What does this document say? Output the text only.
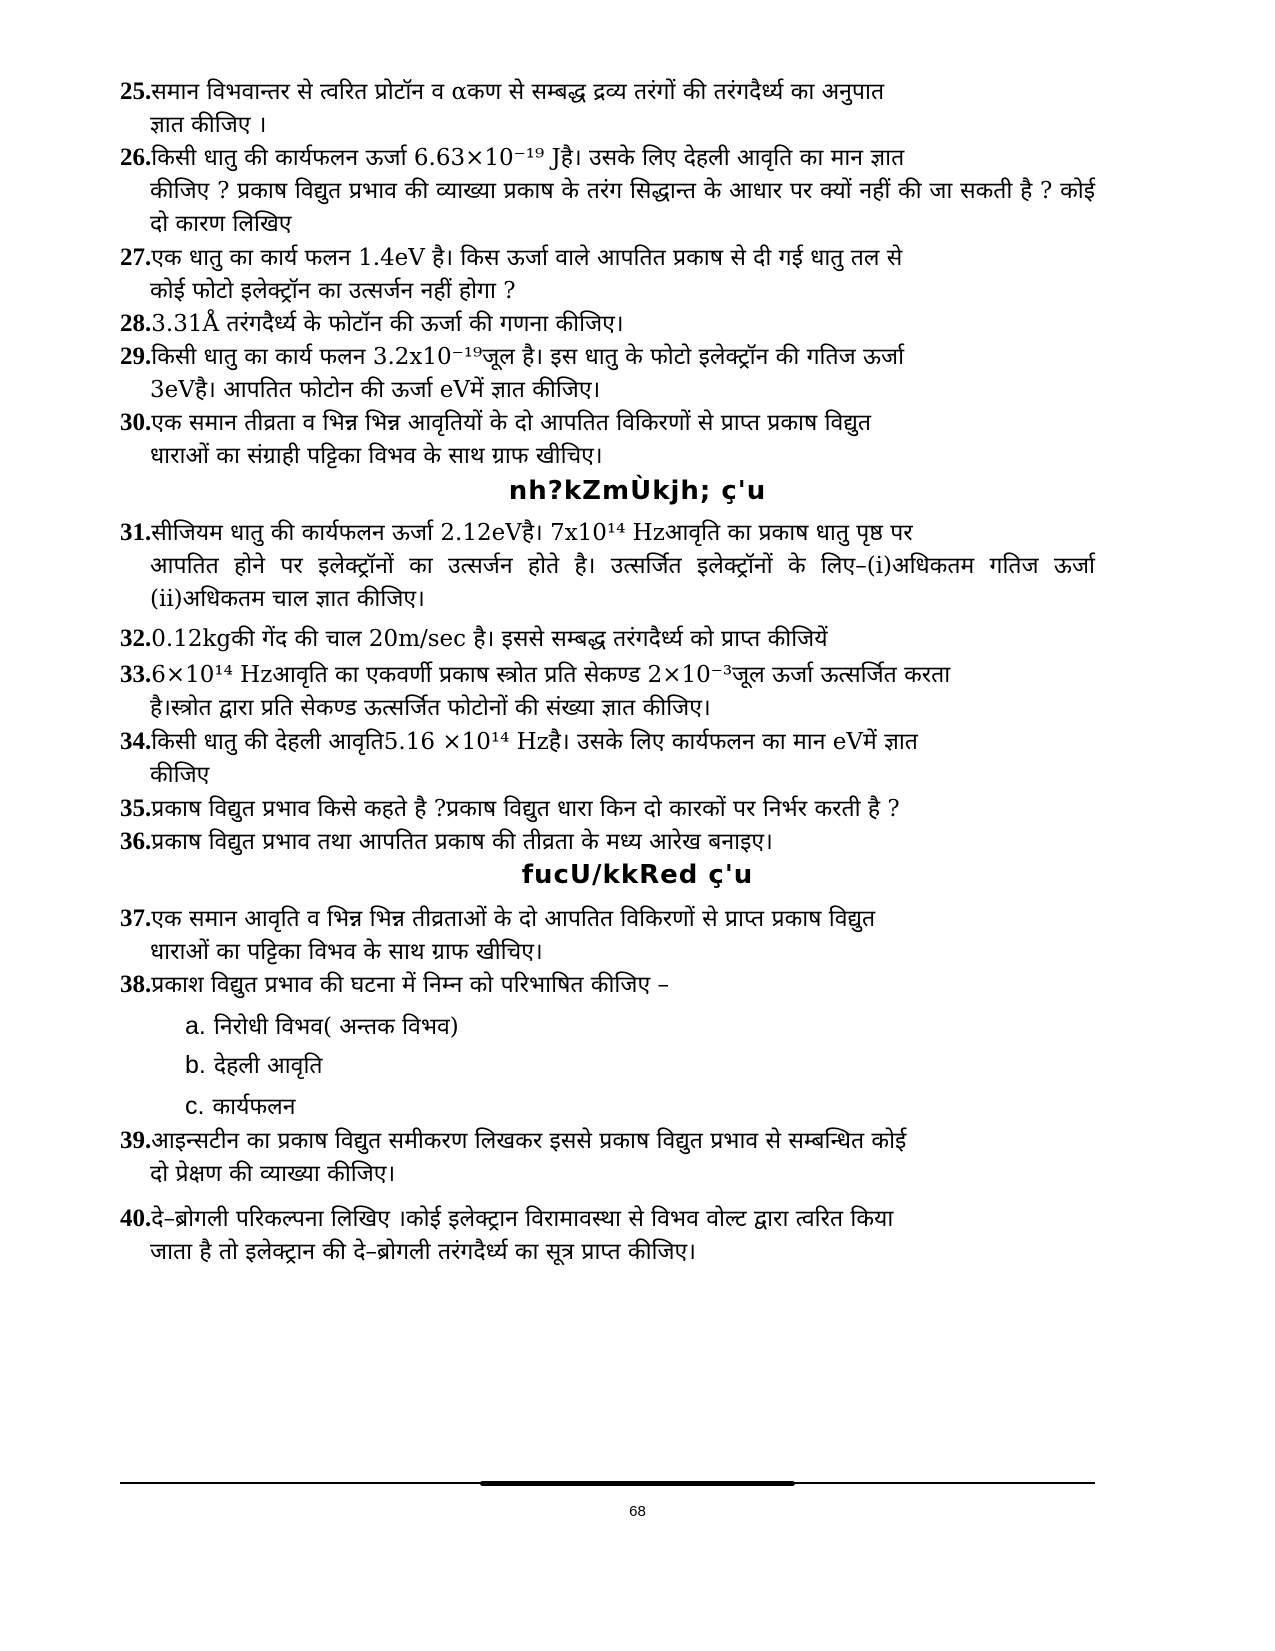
25.समान विभवान्तर से त्वरित प्रोटॉन व αकण से सम्बद्ध द्रव्य तरंगों की तरंगदैर्ध्य का अनुपात
ज्ञात कीजिए ।
26.किसी धातु की कार्यफलन ऊर्जा 6.63×10⁻¹⁹ Jहै। उसके लिए देहली आवृति का मान ज्ञात
कीजिए ? प्रकाष विद्युत प्रभाव की व्याख्या प्रकाष के तरंग सिद्धान्त के आधार पर क्यों नहीं की जा सकती है ? कोई दो कारण लिखिए
27.एक धातु का कार्य फलन 1.4eV है। किस ऊर्जा वाले आपतित प्रकाष से दी गई धातु तल से
कोई फोटो इलेक्ट्रॉन का उत्सर्जन नहीं होगा ?
28.3.31Å तरंगदैर्ध्य के फोटॉन की ऊर्जा की गणना कीजिए।
29.किसी धातु का कार्य फलन 3.2x10⁻¹⁹जूल है। इस धातु के फोटो इलेक्ट्रॉन की गतिज ऊर्जा
3eVहै। आपतित फोटोन की ऊर्जा eVमें ज्ञात कीजिए।
30.एक समान तीव्रता व भिन्न भिन्न आवृतियों के दो आपतित विकिरणों से प्राप्त प्रकाष विद्युत
धाराओं का संग्राही पट्टिका विभव के साथ ग्राफ खीचिए।
nh?kZmÙkjh; ç'u
31.सीजियम धातु की कार्यफलन ऊर्जा 2.12eVहै। 7x10¹⁴ Hzआवृति का प्रकाष धातु पृष्ठ पर
आपतित होने पर इलेक्ट्रॉनों का उत्सर्जन होते है। उत्सर्जित इलेक्ट्रॉनों के लिए–(i)अधिकतम गतिज ऊर्जा (ii)अधिकतम चाल ज्ञात कीजिए।
32.0.12kgकी गेंद की चाल 20m/sec है। इससे सम्बद्ध तरंगदैर्ध्य को प्राप्त कीजियें
33.6×10¹⁴ Hzआवृति का एकवर्णी प्रकाष स्त्रोत प्रति सेकण्ड 2×10⁻³जूल ऊर्जा ऊत्सर्जित करता
है।स्त्रोत द्वारा प्रति सेकण्ड ऊत्सर्जित फोटोनों की संख्या ज्ञात कीजिए।
34.किसी धातु की देहली आवृति5.16 ×10¹⁴ Hzहै। उसके लिए कार्यफलन का मान eVमें ज्ञात
कीजिए
35.प्रकाष विद्युत प्रभाव किसे कहते है ?प्रकाष विद्युत धारा किन दो कारकों पर निर्भर करती है ?
36.प्रकाष विद्युत प्रभाव तथा आपतित प्रकाष की तीव्रता के मध्य आरेख बनाइए।
fucU/kkRed ç'u
37.एक समान आवृति व भिन्न भिन्न तीव्रताओं के दो आपतित विकिरणों से प्राप्त प्रकाष विद्युत
धाराओं का पट्टिका विभव के साथ ग्राफ खीचिए।
38.प्रकाश विद्युत प्रभाव की घटना में निम्न को परिभाषित कीजिए –
a. निरोधी विभव( अन्तक विभव)
b. देहली आवृति
c. कार्यफलन
39.आइन्सटीन का प्रकाष विद्युत समीकरण लिखकर इससे प्रकाष विद्युत प्रभाव से सम्बन्धित कोई
दो प्रेक्षण की व्याख्या कीजिए।
40.दे–ब्रोगली परिकल्पना लिखिए ।कोई इलेक्ट्रान विरामावस्था से विभव वोल्ट द्वारा त्वरित किया
जाता है तो इलेक्ट्रान की दे–ब्रोगली तरंगदैर्ध्य का सूत्र प्राप्त कीजिए।
68
